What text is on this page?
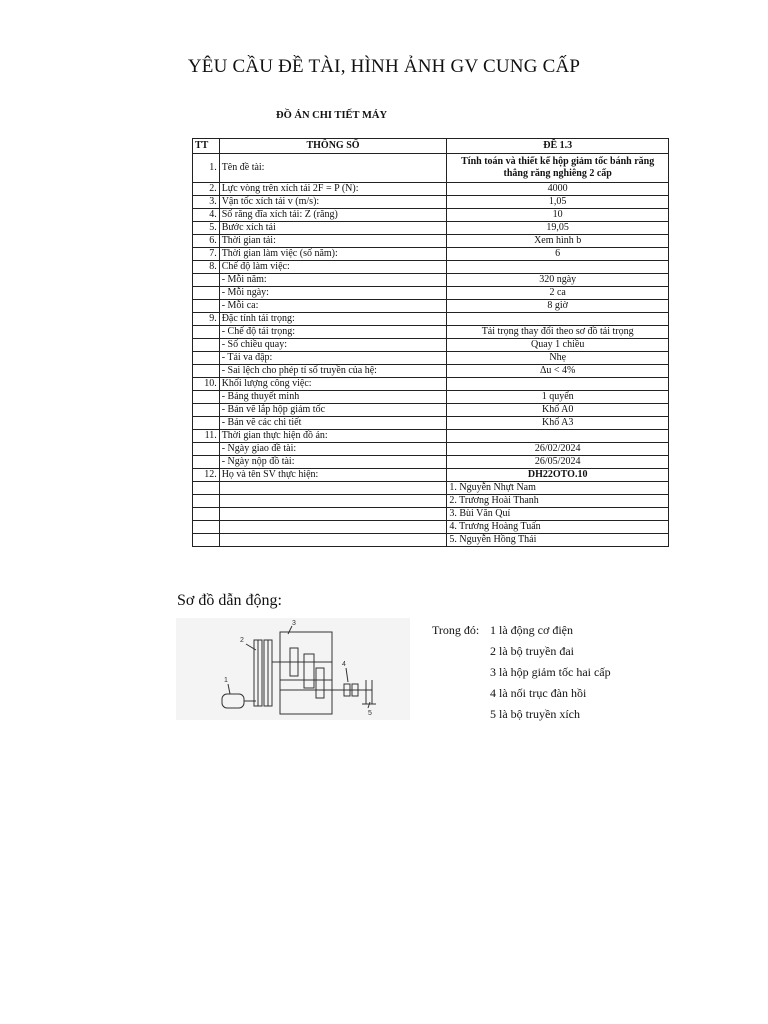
YÊU CẦU ĐỀ TÀI, HÌNH ẢNH GV CUNG CẤP
ĐỒ ÁN CHI TIẾT MÁY
TT	THÔNG SỐ	ĐỀ 1.3
1.	Tên đề tài:	Tính toán và thiết kế hộp giảm tốc bánh răng thẳng răng nghiêng 2 cấp
2.	Lực vòng trên xích tải 2F = P (N):	4000
3.	Vận tốc xích tải v (m/s):	1,05
4.	Số răng đĩa xích tải: Z (răng)	10
5.	Bước xích tải	19,05
6.	Thời gian tải:	Xem hình b
7.	Thời gian làm việc (số năm):	6
8.	Chế độ làm việc:	
	- Mỗi năm:	320 ngày
	- Mỗi ngày:	2 ca
	- Mỗi ca:	8 giờ
9.	Đặc tính tải trọng:	
	- Chế độ tải trọng:	Tải trọng thay đổi theo sơ đồ tải trọng
	- Số chiều quay:	Quay 1 chiều
	- Tải va đập:	Nhẹ
	- Sai lệch cho phép tỉ số truyền của hệ:	Δu < 4%
10.	Khối lượng công việc:	
	- Bảng thuyết minh	1 quyển
	- Bản vẽ lắp hộp giảm tốc	Khổ A0
	- Bản vẽ các chi tiết	Khổ A3
11.	Thời gian thực hiện đồ án:	
	- Ngày giao đề tài:	26/02/2024
	- Ngày nộp đồ tài:	26/05/2024
12.	Họ và tên SV thực hiện:	DH22OTO.10
		1. Nguyễn Nhựt Nam
		2. Trương Hoài Thanh
		3. Bùi Văn Quí
		4. Trương Hoàng Tuấn
		5. Nguyễn Hồng Thái
Sơ đồ dẫn động:
1
2
3
4
5
Trong đó: 1 là động cơ điện
2 là bộ truyền đai
3 là hộp giảm tốc hai cấp
4 là nối trục đàn hồi
5 là bộ truyền xích
